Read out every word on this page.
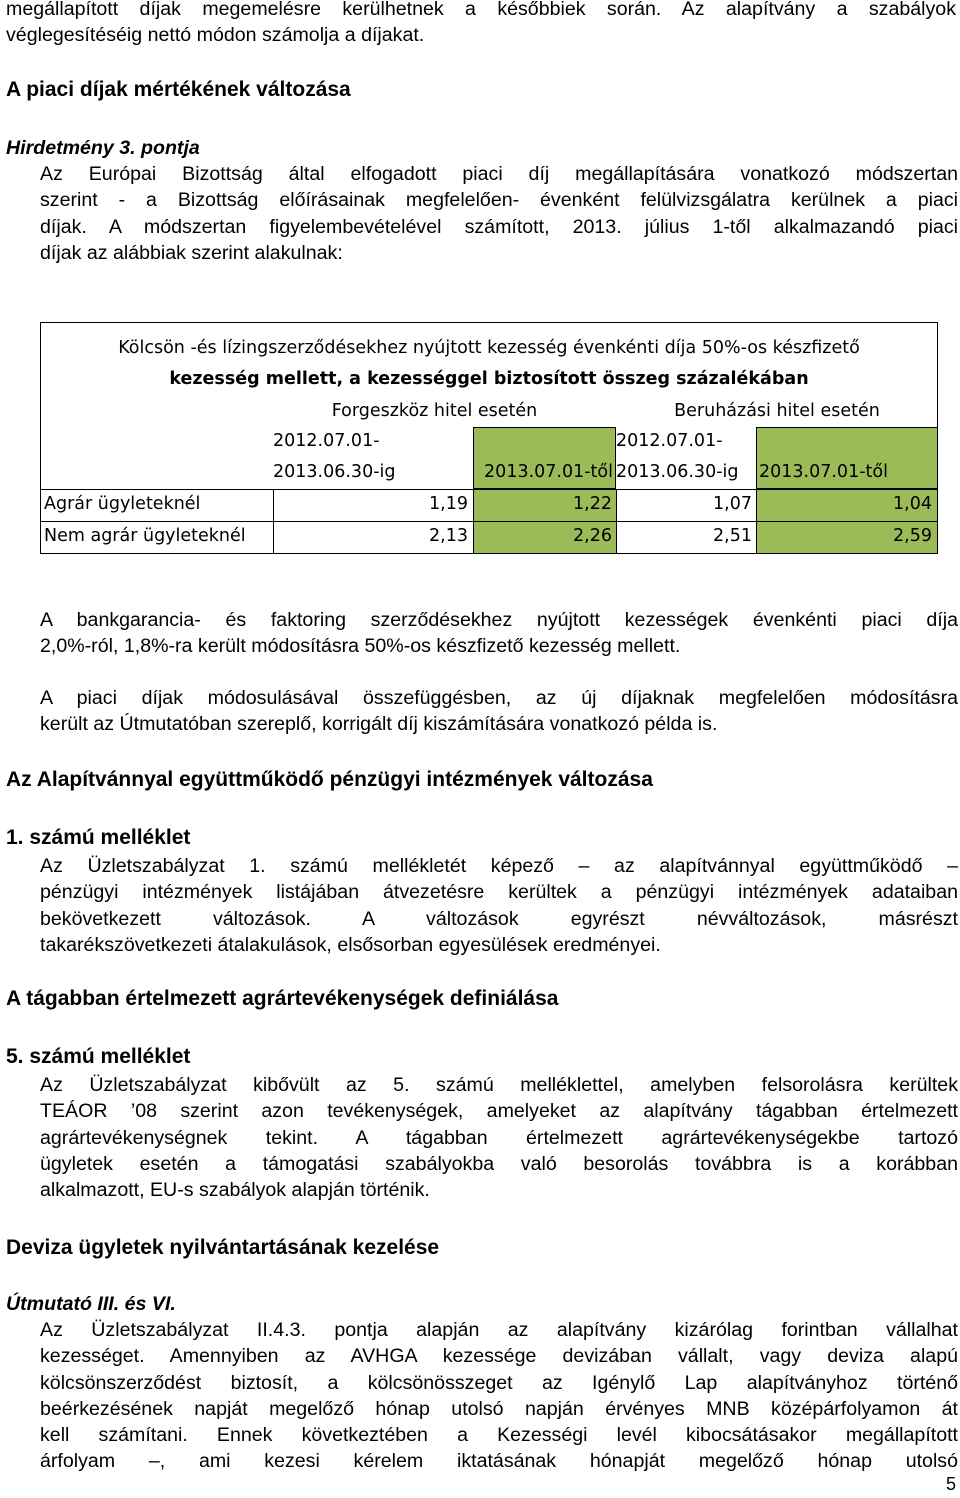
megállapított díjak megemelésre kerülhetnek a későbbiek során. Az alapítvány a szabályok
véglegesítéséig nettó módon számolja a díjakat.
A piaci díjak mértékének változása
Hirdetmény 3. pontja
Az Európai Bizottság által elfogadott piaci díj megállapítására vonatkozó módszertan
szerint - a Bizottság előírásainak megfelelően- évenként felülvizsgálatra kerülnek a piaci
díjak. A módszertan figyelembevételével számított, 2013. július 1-től alkalmazandó piaci
díjak az alábbiak szerint alakulnak:
Kölcsön -és lízingszerződésekhez nyújtott kezesség évenkénti díja 50%-os készfizető
kezesség mellett, a kezességgel biztosított összeg százalékában
Forgeszköz hitel esetén	Beruházási hitel esetén
2012.07.01-
2013.06.30-ig	2013.07.01-től
2012.07.01-
2013.06.30-ig 2013.07.01-től
Agrár ügyleteknél	1,19	1,22	1,07	1,04
Nem agrár ügyleteknél	2,13	2,26	2,51	2,59
A bankgarancia- és faktoring szerződésekhez nyújtott kezességek évenkénti piaci díja
2,0%-ról, 1,8%-ra került módosításra 50%-os készfizető kezesség mellett.
A piaci díjak módosulásával összefüggésben, az új díjaknak megfelelően módosításra
került az Útmutatóban szereplő, korrigált díj kiszámítására vonatkozó példa is.
Az Alapítvánnyal együttműködő pénzügyi intézmények változása
1. számú melléklet
Az Üzletszabályzat 1. számú mellékletét képező – az alapítvánnyal együttműködő –
pénzügyi intézmények listájában átvezetésre kerültek a pénzügyi intézmények adataiban
bekövetkezett változások. A változások egyrészt névváltozások, másrészt
takarékszövetkezeti átalakulások, elsősorban egyesülések eredményei.
A tágabban értelmezett agrártevékenységek definiálása
5. számú melléklet
Az Üzletszabályzat kibővült az 5. számú melléklettel, amelyben felsorolásra kerültek
TEÁOR ’08 szerint azon tevékenységek, amelyeket az alapítvány tágabban értelmezett
agrártevékenységnek tekint. A tágabban értelmezett agrártevékenységekbe tartozó
ügyletek esetén a támogatási szabályokba való besorolás továbbra is a korábban
alkalmazott, EU-s szabályok alapján történik.
Deviza ügyletek nyilvántartásának kezelése
Útmutató III. és VI.
Az Üzletszabályzat II.4.3. pontja alapján az alapítvány kizárólag forintban vállalhat
kezességet. Amennyiben az AVHGA kezessége devizában vállalt, vagy deviza alapú
kölcsönszerződést biztosít, a kölcsönösszeget az Igénylő Lap alapítványhoz történő
beérkezésének napját megelőző hónap utolsó napján érvényes MNB középárfolyamon át
kell számítani. Ennek következtében a Kezességi levél kibocsátásakor megállapított
árfolyam –, ami kezesi kérelem iktatásának hónapját megelőző hónap utolsó
5
